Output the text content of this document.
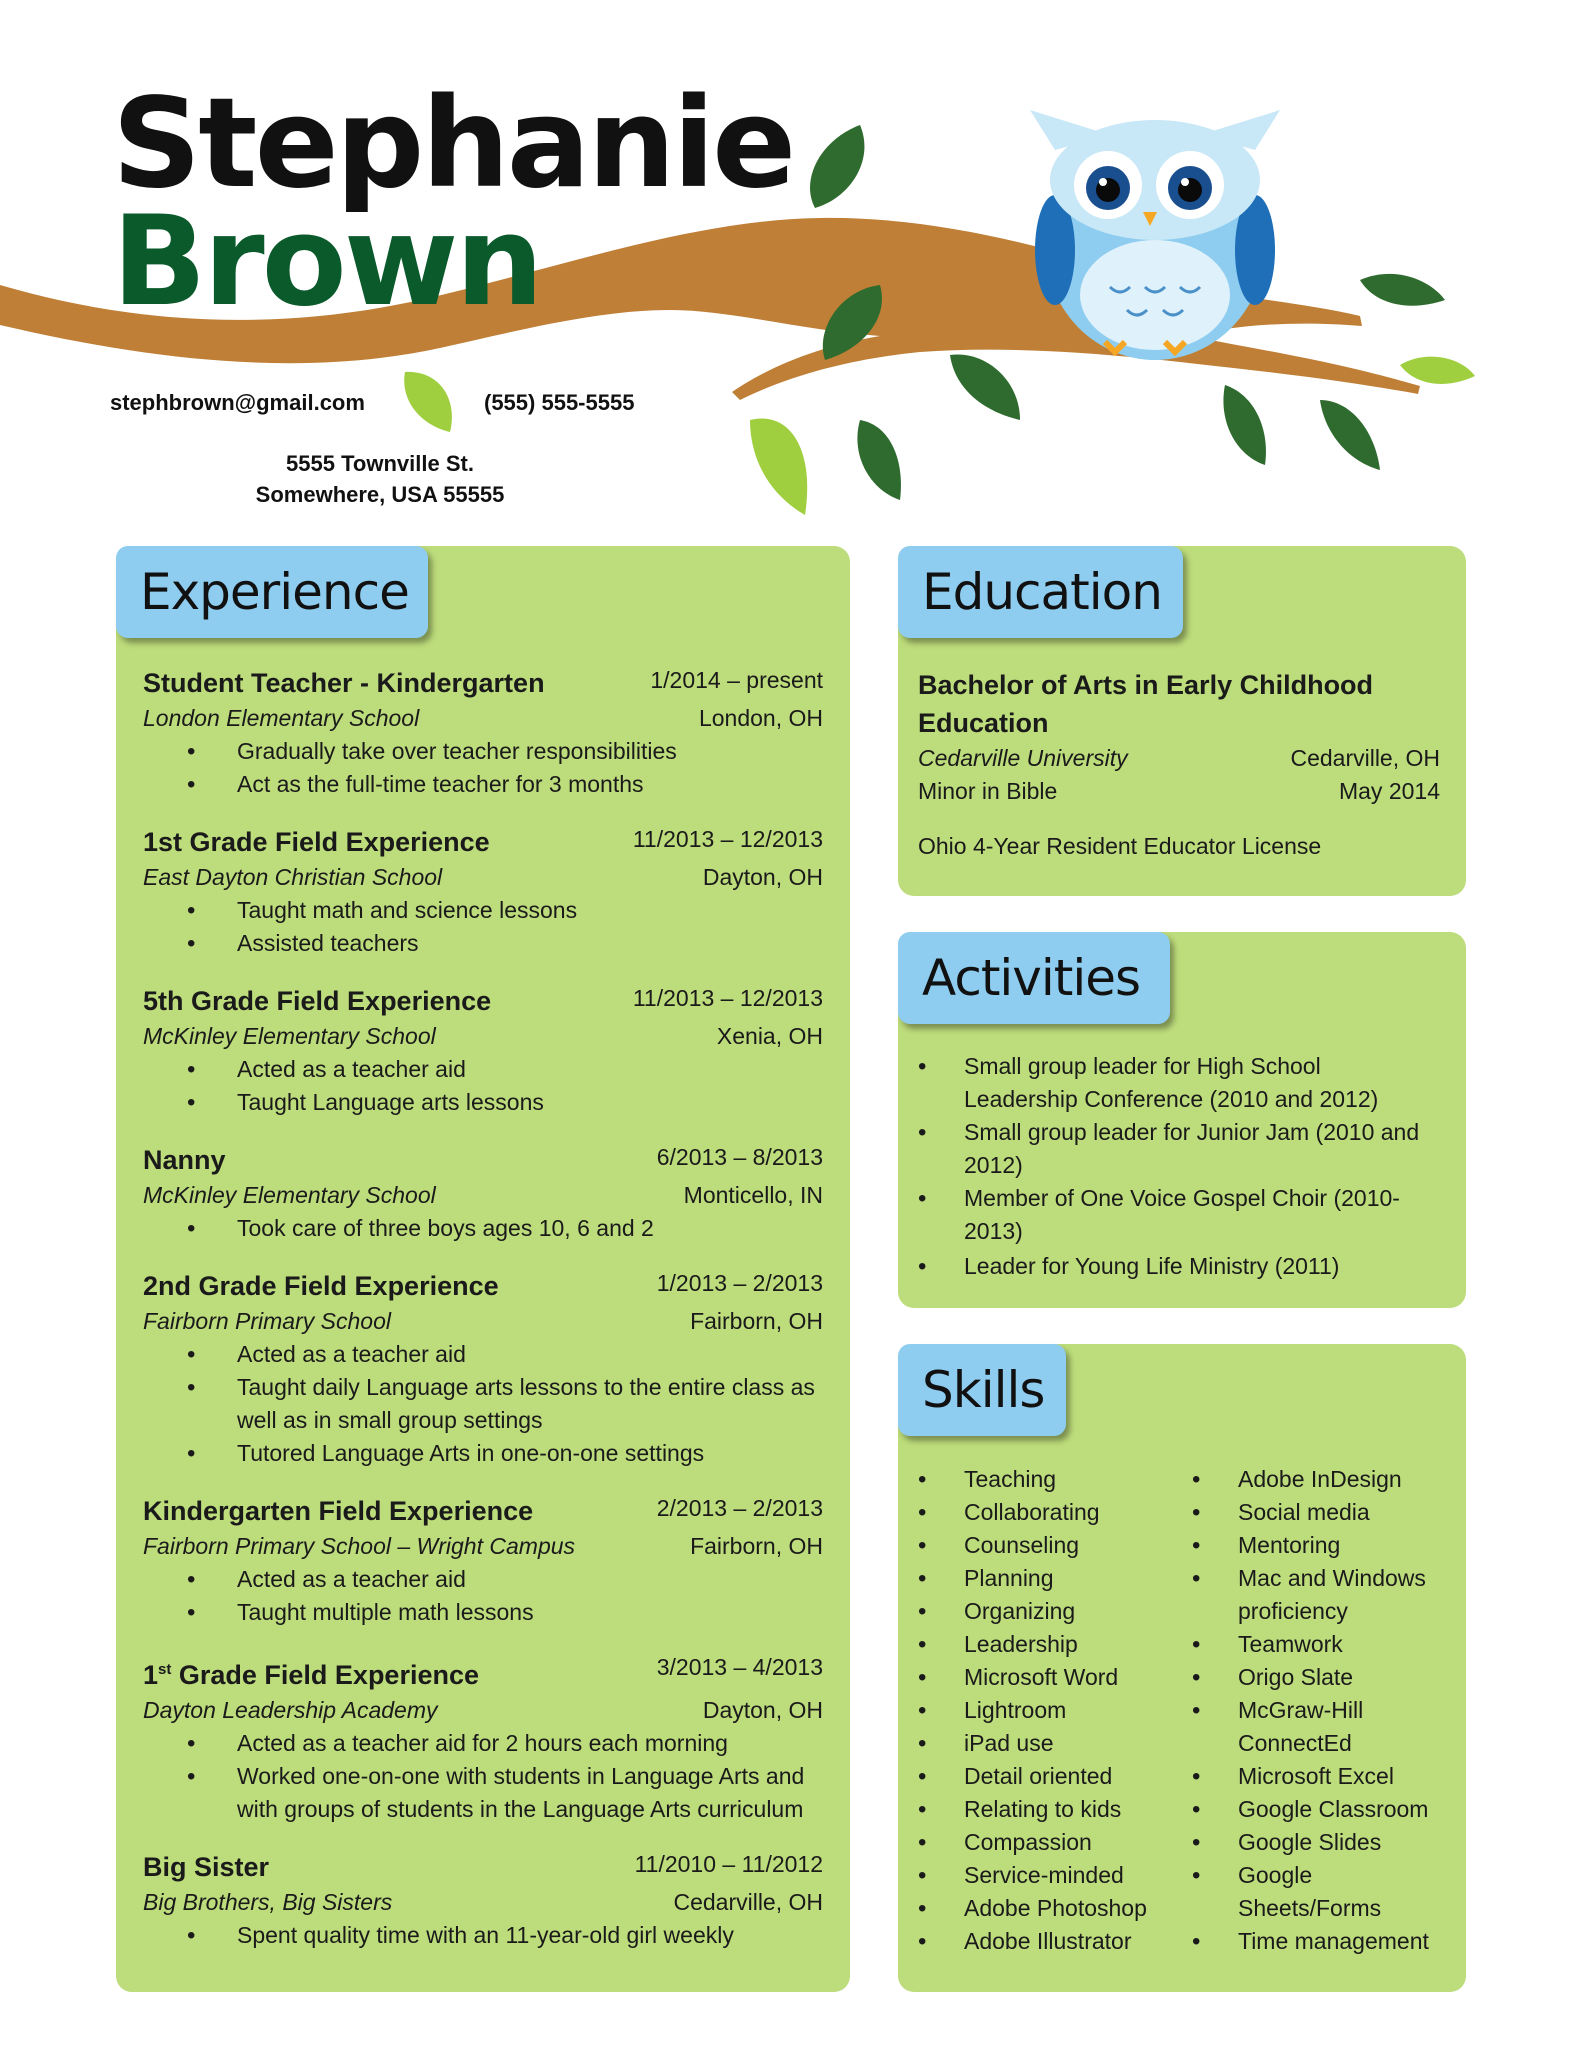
Stephanie
Brown
stephbrown@gmail.com	(555) 555-5555
5555 Townville St.
Somewhere, USA 55555
Experience
Student Teacher - Kindergarten	1/2014 – present
London Elementary School	London, OH
• Gradually take over teacher responsibilities
• Act as the full-time teacher for 3 months
1st Grade Field Experience	11/2013 – 12/2013
East Dayton Christian School	Dayton, OH
• Taught math and science lessons
• Assisted teachers
5th Grade Field Experience	11/2013 – 12/2013
McKinley Elementary School	Xenia, OH
• Acted as a teacher aid
• Taught Language arts lessons
Nanny	6/2013 – 8/2013
McKinley Elementary School	Monticello, IN
• Took care of three boys ages 10, 6 and 2
2nd Grade Field Experience	1/2013 – 2/2013
Fairborn Primary School	Fairborn, OH
• Acted as a teacher aid
• Taught daily Language arts lessons to the entire class as well as in small group settings
• Tutored Language Arts in one-on-one settings
Kindergarten Field Experience	2/2013 – 2/2013
Fairborn Primary School – Wright Campus	Fairborn, OH
• Acted as a teacher aid
• Taught multiple math lessons
1st Grade Field Experience	3/2013 – 4/2013
Dayton Leadership Academy	Dayton, OH
• Acted as a teacher aid for 2 hours each morning
• Worked one-on-one with students in Language Arts and with groups of students in the Language Arts curriculum
Big Sister	11/2010 – 11/2012
Big Brothers, Big Sisters	Cedarville, OH
• Spent quality time with an 11-year-old girl weekly
Education
Bachelor of Arts in Early Childhood Education
Cedarville University	Cedarville, OH
Minor in Bible	May 2014
Ohio 4-Year Resident Educator License
Activities
• Small group leader for High School Leadership Conference (2010 and 2012)
• Small group leader for Junior Jam (2010 and 2012)
• Member of One Voice Gospel Choir (2010-2013)
• Leader for Young Life Ministry (2011)
Skills
• Teaching
• Collaborating
• Counseling
• Planning
• Organizing
• Leadership
• Microsoft Word
• Lightroom
• iPad use
• Detail oriented
• Relating to kids
• Compassion
• Service-minded
• Adobe Photoshop
• Adobe Illustrator
• Adobe InDesign
• Social media
• Mentoring
• Mac and Windows proficiency
• Teamwork
• Origo Slate
• McGraw-Hill ConnectEd
• Microsoft Excel
• Google Classroom
• Google Slides
• Google Sheets/Forms
• Time management
